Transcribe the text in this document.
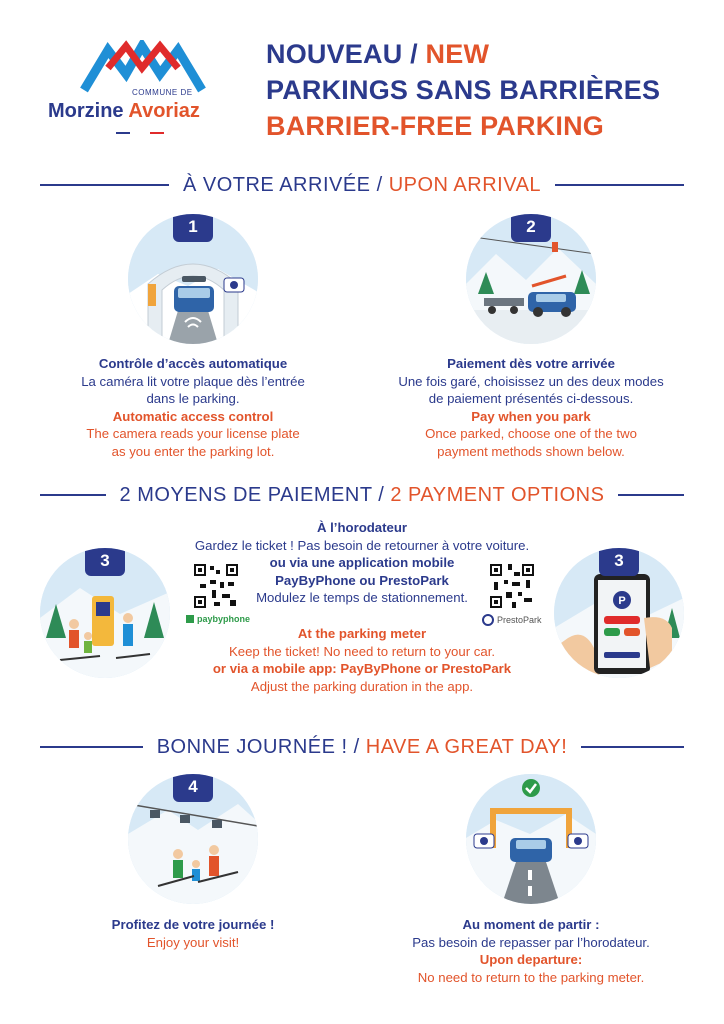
COMMUNE DE
Morzine Avoriaz
NOUVEAU / NEW
PARKINGS SANS BARRIÈRES
BARRIER-FREE PARKING
À VOTRE ARRIVÉE / UPON ARRIVAL
1	2
Contrôle d’accès automatique
La caméra lit votre plaque dès l’entrée
dans le parking.
Automatic access control
The camera reads your license plate
as you enter the parking lot.
Paiement dès votre arrivée
Une fois garé, choisissez un des deux modes
de paiement présentés ci-dessous.
Pay when you park
Once parked, choose one of the two
payment methods shown below.
2 MOYENS DE PAIEMENT / 2 PAYMENT OPTIONS
3
P
3
paybyphone	PrestoPark
À l’horodateur
Gardez le ticket ! Pas besoin de retourner à votre voiture.
ou via une application mobile
PayByPhone ou PrestoPark
Modulez le temps de stationnement.
At the parking meter
Keep the ticket! No need to return to your car.
or via a mobile app: PayByPhone or PrestoPark
Adjust the parking duration in the app.
BONNE JOURNÉE ! / HAVE A GREAT DAY!
4
Profitez de votre journée !
Enjoy your visit!
Au moment de partir :
Pas besoin de repasser par l’horodateur.
Upon departure:
No need to return to the parking meter.
